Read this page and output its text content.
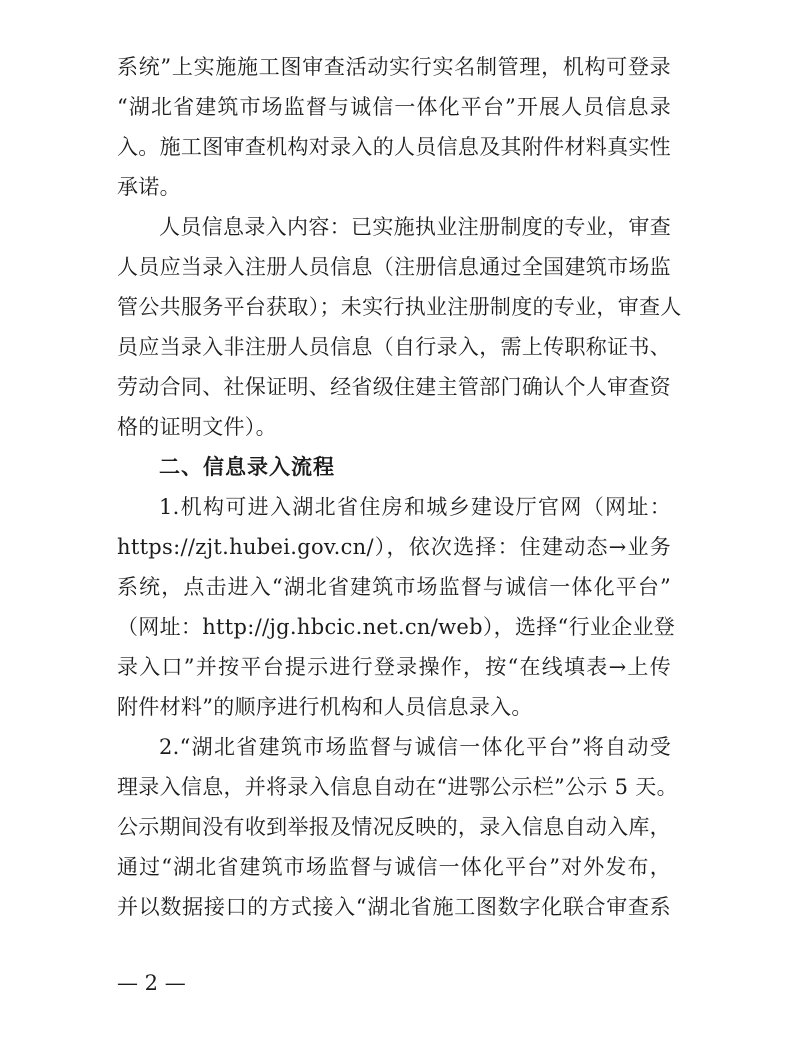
系统”上实施施工图审查活动实行实名制管理，机构可登录
“湖北省建筑市场监督与诚信一体化平台”开展人员信息录
入。施工图审查机构对录入的人员信息及其附件材料真实性
承诺。
人员信息录入内容：已实施执业注册制度的专业，审查
人员应当录入注册人员信息（注册信息通过全国建筑市场监
管公共服务平台获取）；未实行执业注册制度的专业，审查人
员应当录入非注册人员信息（自行录入，需上传职称证书、
劳动合同、社保证明、经省级住建主管部门确认个人审查资
格的证明文件）。
二、信息录入流程
1.机构可进入湖北省住房和城乡建设厅官网（网址：
https://zjt.hubei.gov.cn/），依次选择：住建动态→业务
系统，点击进入“湖北省建筑市场监督与诚信一体化平台”
（网址：http://jg.hbcic.net.cn/web），选择“行业企业登
录入口”并按平台提示进行登录操作，按“在线填表→上传
附件材料”的顺序进行机构和人员信息录入。
2.“湖北省建筑市场监督与诚信一体化平台”将自动受
理录入信息，并将录入信息自动在“进鄂公示栏”公示 5 天。
公示期间没有收到举报及情况反映的，录入信息自动入库，
通过“湖北省建筑市场监督与诚信一体化平台”对外发布，
并以数据接口的方式接入“湖北省施工图数字化联合审查系
— 2 —
